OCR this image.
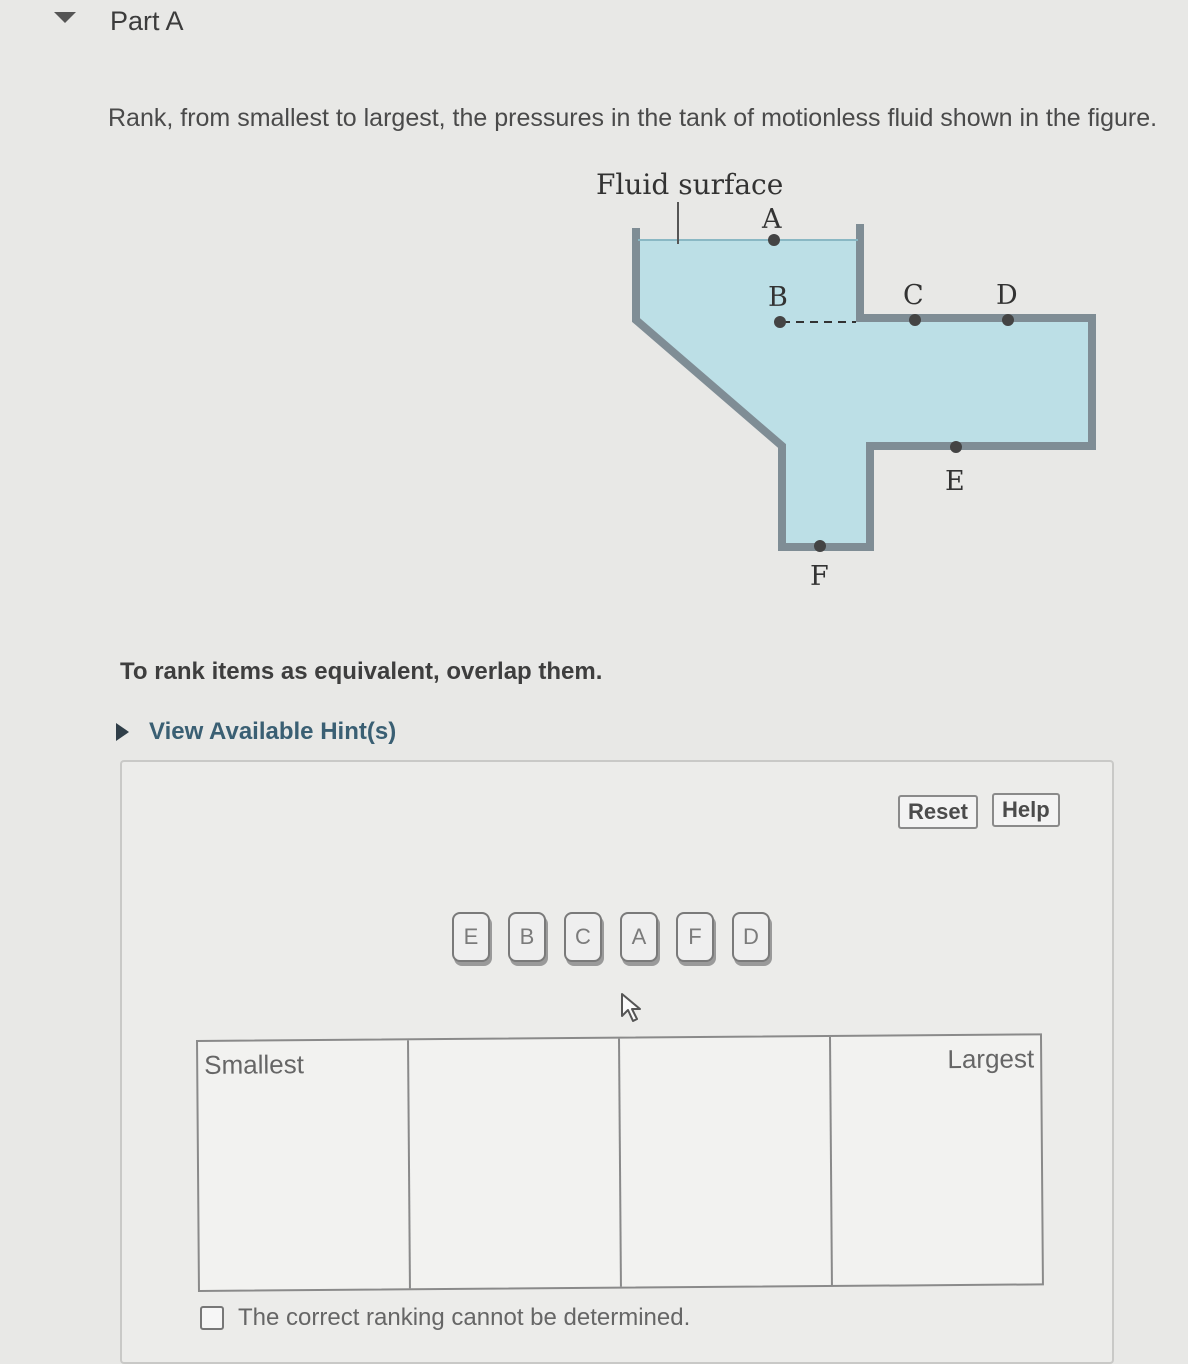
Part A
Rank, from smallest to largest, the pressures in the tank of motionless fluid shown in the figure.
Fluid surface
A
B	C	D
E
F
To rank items as equivalent, overlap them.
View Available Hint(s)
Reset	Help
E	B	C	A	F	D
Smallest	Largest
The correct ranking cannot be determined.
